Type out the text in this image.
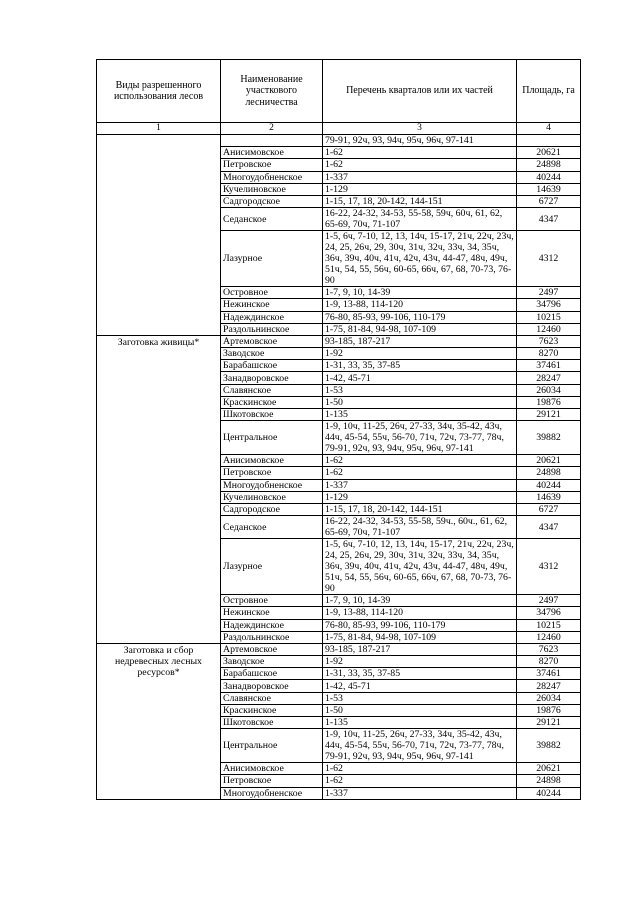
Виды разрешенного использования лесов	Наименование участкового лесничества	Перечень кварталов или их частей	Площадь, га
1	2	3	4
		79-91, 92ч, 93, 94ч, 95ч, 96ч, 97-141	
	Анисимовское	1-62	20621
	Петровское	1-62	24898
	Многоудобненское	1-337	40244
	Кучелиновское	1-129	14639
	Садгородское	1-15, 17, 18, 20-142, 144-151	6727
	Седанское	16-22, 24-32, 34-53, 55-58, 59ч, 60ч, 61, 62, 65-69, 70ч, 71-107	4347
	Лазурное	1-5, 6ч, 7-10, 12, 13, 14ч, 15-17, 21ч, 22ч, 23ч, 24, 25, 26ч, 29, 30ч, 31ч, 32ч, 33ч, 34, 35ч, 36ч, 39ч, 40ч, 41ч, 42ч, 43ч, 44-47, 48ч, 49ч, 51ч, 54, 55, 56ч, 60-65, 66ч, 67, 68, 70-73, 76-90	4312
	Островное	1-7, 9, 10, 14-39	2497
	Нежинское	1-9, 13-88, 114-120	34796
	Надеждинское	76-80, 85-93, 99-106, 110-179	10215
	Раздольнинское	1-75, 81-84, 94-98, 107-109	12460
Заготовка живицы*	Артемовское	93-185, 187-217	7623
	Заводское	1-92	8270
	Барабашское	1-31, 33, 35, 37-85	37461
	Занадворовское	1-42, 45-71	28247
	Славянское	1-53	26034
	Краскинское	1-50	19876
	Шкотовское	1-135	29121
	Центральное	1-9, 10ч, 11-25, 26ч, 27-33, 34ч, 35-42, 43ч, 44ч, 45-54, 55ч, 56-70, 71ч, 72ч, 73-77, 78ч, 79-91, 92ч, 93, 94ч, 95ч, 96ч, 97-141	39882
	Анисимовское	1-62	20621
	Петровское	1-62	24898
	Многоудобненское	1-337	40244
	Кучелиновское	1-129	14639
	Садгородское	1-15, 17, 18, 20-142, 144-151	6727
	Седанское	16-22, 24-32, 34-53, 55-58, 59ч., 60ч., 61, 62, 65-69, 70ч, 71-107	4347
	Лазурное	1-5, 6ч, 7-10, 12, 13, 14ч, 15-17, 21ч, 22ч, 23ч, 24, 25, 26ч, 29, 30ч, 31ч, 32ч, 33ч, 34, 35ч, 36ч, 39ч, 40ч, 41ч, 42ч, 43ч, 44-47, 48ч, 49ч, 51ч, 54, 55, 56ч, 60-65, 66ч, 67, 68, 70-73, 76-90	4312
	Островное	1-7, 9, 10, 14-39	2497
	Нежинское	1-9, 13-88, 114-120	34796
	Надеждинское	76-80, 85-93, 99-106, 110-179	10215
	Раздольнинское	1-75, 81-84, 94-98, 107-109	12460
Заготовка и сбор недревесных лесных ресурсов*	Артемовское	93-185, 187-217	7623
	Заводское	1-92	8270
	Барабашское	1-31, 33, 35, 37-85	37461
	Занадворовское	1-42, 45-71	28247
	Славянское	1-53	26034
	Краскинское	1-50	19876
	Шкотовское	1-135	29121
	Центральное	1-9, 10ч, 11-25, 26ч, 27-33, 34ч, 35-42, 43ч, 44ч, 45-54, 55ч, 56-70, 71ч, 72ч, 73-77, 78ч, 79-91, 92ч, 93, 94ч, 95ч, 96ч, 97-141	39882
	Анисимовское	1-62	20621
	Петровское	1-62	24898
	Многоудобненское	1-337	40244
